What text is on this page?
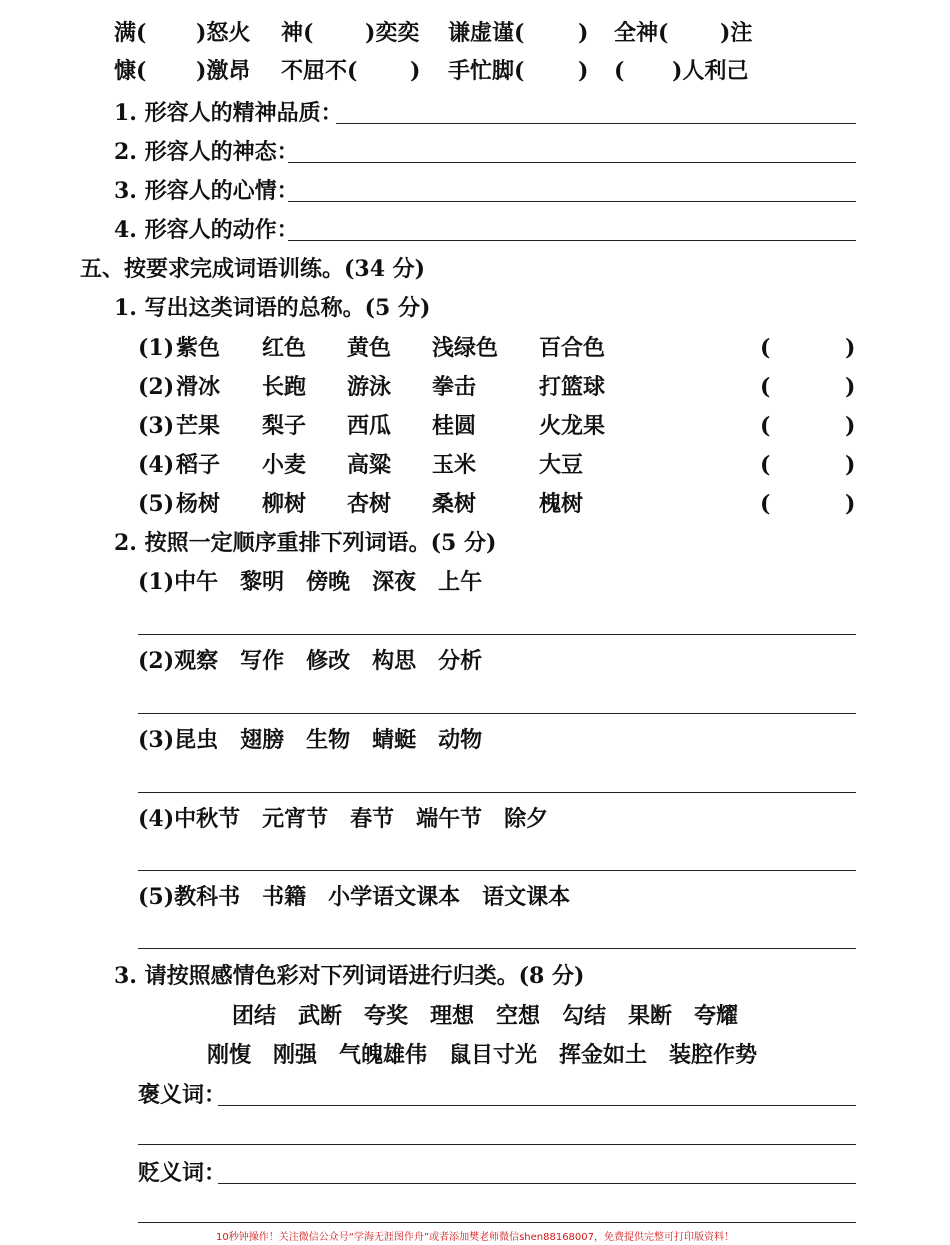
满( )怒火 神( )奕奕 谦虚谨( ) 全神( )注
慷( )激昂 不屈不( ) 手忙脚( ) ( )人利己
1. 形容人的精神品质：
2. 形容人的神态：
3. 形容人的心情：
4. 形容人的动作：
五、按要求完成词语训练。(34 分)
1. 写出这类词语的总称。(5 分)
(1) 紫色 红色 黄色 浅绿色 百合色	(	)
(2) 滑冰 长跑 游泳 拳击	打篮球	(	)
(3) 芒果 梨子 西瓜 桂圆	火龙果	(	)
(4) 稻子 小麦 高粱 玉米	大豆	(	)
(5) 杨树 柳树 杏树 桑树	槐树	(	)
2. 按照一定顺序重排下列词语。(5 分)
(1)中午　黎明　傍晚　深夜　上午
(2)观察　写作　修改　构思　分析
(3)昆虫　翅膀　生物　蜻蜓　动物
(4)中秋节　元宵节　春节　端午节　除夕
(5)教科书　书籍　小学语文课本　语文课本
3. 请按照感情色彩对下列词语进行归类。(8 分)
团结　武断　夸奖　理想　空想　勾结　果断　夸耀
刚愎　刚强　气魄雄伟　鼠目寸光　挥金如土　装腔作势
褒义词：
贬义词：
10秒钟操作！关注微信公众号“学海无涯图作舟”或者添加樊老师微信shen88168007，免费提供完整可打印版资料！
